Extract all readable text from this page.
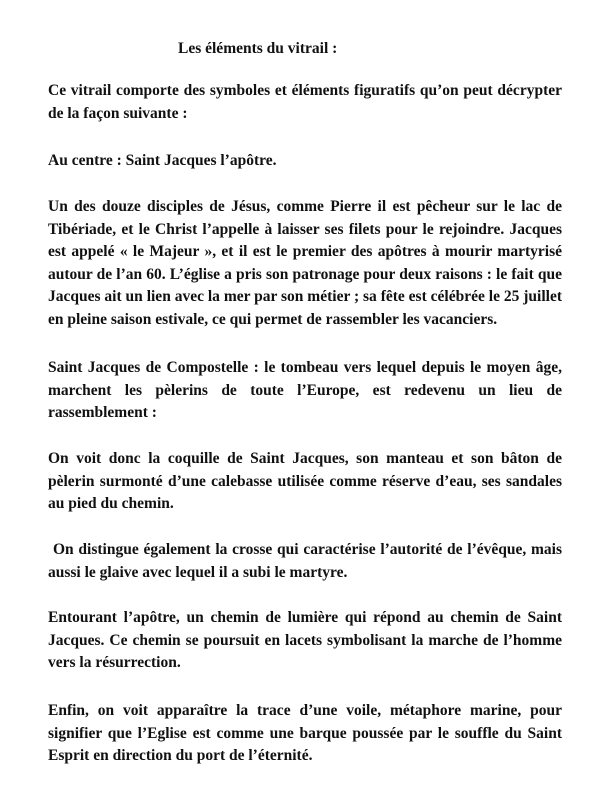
Les éléments du vitrail :

Ce vitrail comporte des symboles et éléments figuratifs qu’on peut décrypter de la façon suivante :

Au centre : Saint Jacques l’apôtre.

Un des douze disciples de Jésus, comme Pierre il est pêcheur sur le lac de Tibériade, et le Christ l’appelle à laisser ses filets pour le rejoindre. Jacques est appelé « le Majeur », et il est le premier des apôtres à mourir martyrisé autour de l’an 60. L’église a pris son patronage pour deux raisons : le fait que Jacques ait un lien avec la mer par son métier ; sa fête est célébrée le 25 juillet en pleine saison estivale, ce qui permet de rassembler les vacanciers.

Saint Jacques de Compostelle : le tombeau vers lequel depuis le moyen âge, marchent les pèlerins de toute l’Europe, est redevenu un lieu de rassemblement :

On voit donc la coquille de Saint Jacques, son manteau et son bâton de pèlerin surmonté d’une calebasse utilisée comme réserve d’eau, ses sandales au pied du chemin.

On distingue également la crosse qui caractérise l’autorité de l’évêque, mais aussi le glaive avec lequel il a subi le martyre.

Entourant l’apôtre, un chemin de lumière qui répond au chemin de Saint Jacques. Ce chemin se poursuit en lacets symbolisant la marche de l’homme vers la résurrection.

Enfin, on voit apparaître la trace d’une voile, métaphore marine, pour signifier que l’Eglise est comme une barque poussée par le souffle du Saint Esprit en direction du port de l’éternité.
